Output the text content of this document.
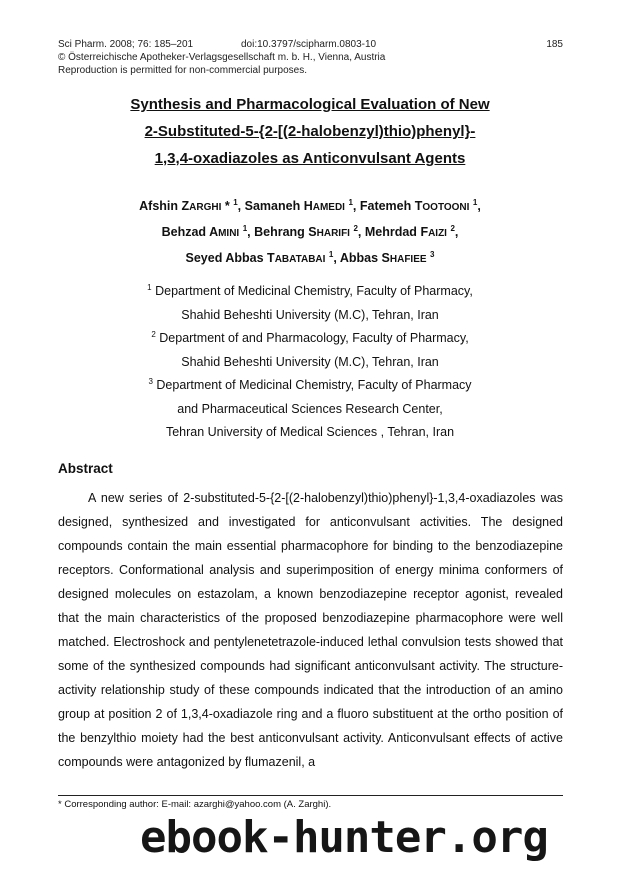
Sci Pharm. 2008; 76: 185–201	doi:10.3797/scipharm.0803-10	185
© Österreichische Apotheker-Verlagsgesellschaft m. b. H., Vienna, Austria
Reproduction is permitted for non-commercial purposes.
Synthesis and Pharmacological Evaluation of New
2-Substituted-5-{2-[(2-halobenzyl)thio)phenyl}-
1,3,4-oxadiazoles as Anticonvulsant Agents
Afshin ZARGHI * $^1$, Samaneh HAMEDI $^1$, Fatemeh TOOTOONI $^1$,
Behzad AMINI $^1$, Behrang SHARIFI $^2$, Mehrdad FAIZI $^2$,
Seyed Abbas TABATABAI $^1$, Abbas SHAFIEE $^3$
$^1$ Department of Medicinal Chemistry, Faculty of Pharmacy,
Shahid Beheshti University (M.C), Tehran, Iran
$^2$ Department of and Pharmacology, Faculty of Pharmacy,
Shahid Beheshti University (M.C), Tehran, Iran
$^3$ Department of Medicinal Chemistry, Faculty of Pharmacy
and Pharmaceutical Sciences Research Center,
Tehran University of Medical Sciences , Tehran, Iran
Abstract
A new series of 2-substituted-5-{2-[(2-halobenzyl)thio)phenyl}-1,3,4-oxadiazoles was designed, synthesized and investigated for anticonvulsant activities. The designed compounds contain the main essential pharmacophore for binding to the benzodiazepine receptors. Conformational analysis and superimposition of energy minima conformers of designed molecules on estazolam, a known benzodiazepine receptor agonist, revealed that the main characteristics of the proposed benzodiazepine pharmacophore were well matched. Electroshock and pentylenetetrazole-induced lethal convulsion tests showed that some of the synthesized compounds had significant anticonvulsant activity. The structure-activity relationship study of these compounds indicated that the introduction of an amino group at position 2 of 1,3,4-oxadiazole ring and a fluoro substituent at the ortho position of the benzylthio moiety had the best anticonvulsant activity. Anticonvulsant effects of active compounds were antagonized by flumazenil, a
* Corresponding author: E-mail: azarghi@yahoo.com (A. Zarghi).
ebook-hunter.org
